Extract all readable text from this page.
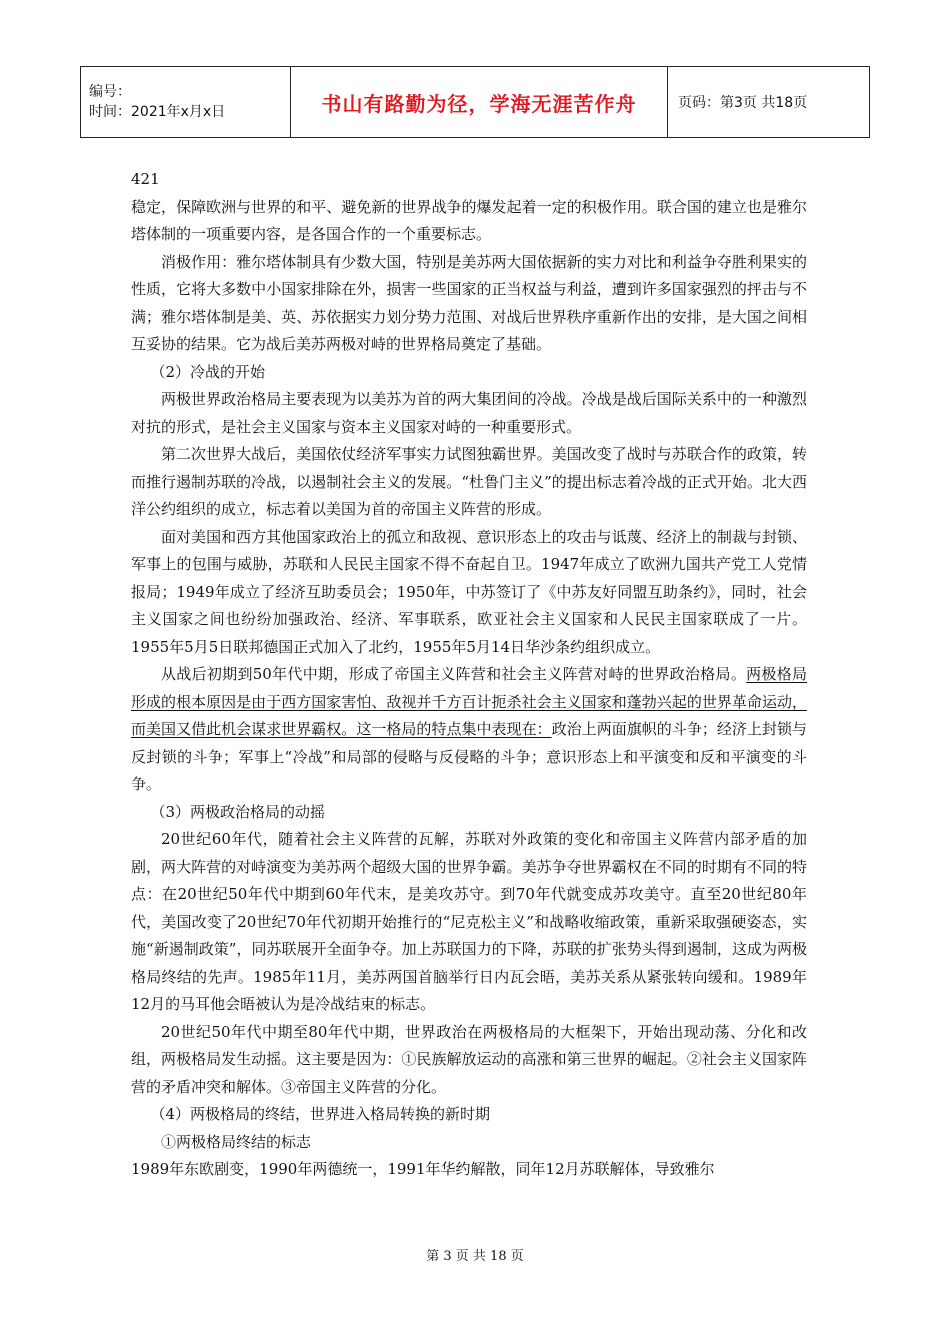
编号：
时间：2021年x月x日	书山有路勤为径，学海无涯苦作舟	页码：第3页 共18页

421

稳定，保障欧洲与世界的和平、避免新的世界战争的爆发起着一定的积极作用。联合国的建立也是雅尔塔体制的一项重要内容，是各国合作的一个重要标志。

消极作用：雅尔塔体制具有少数大国，特别是美苏两大国依据新的实力对比和利益争夺胜利果实的性质，它将大多数中小国家排除在外，损害一些国家的正当权益与利益，遭到许多国家强烈的抨击与不满；雅尔塔体制是美、英、苏依据实力划分势力范围、对战后世界秩序重新作出的安排，是大国之间相互妥协的结果。它为战后美苏两极对峙的世界格局奠定了基础。

（2）冷战的开始

两极世界政治格局主要表现为以美苏为首的两大集团间的冷战。冷战是战后国际关系中的一种激烈对抗的形式，是社会主义国家与资本主义国家对峙的一种重要形式。

第二次世界大战后，美国依仗经济军事实力试图独霸世界。美国改变了战时与苏联合作的政策，转而推行遏制苏联的冷战，以遏制社会主义的发展。“杜鲁门主义”的提出标志着冷战的正式开始。北大西洋公约组织的成立，标志着以美国为首的帝国主义阵营的形成。

面对美国和西方其他国家政治上的孤立和敌视、意识形态上的攻击与诋蔑、经济上的制裁与封锁、军事上的包围与威胁，苏联和人民民主国家不得不奋起自卫。1947年成立了欧洲九国共产党工人党情报局；1949年成立了经济互助委员会；1950年，中苏签订了《中苏友好同盟互助条约》，同时，社会主义国家之间也纷纷加强政治、经济、军事联系，欧亚社会主义国家和人民民主国家联成了一片。1955年5月5日联邦德国正式加入了北约，1955年5月14日华沙条约组织成立。

从战后初期到50年代中期，形成了帝国主义阵营和社会主义阵营对峙的世界政治格局。两极格局形成的根本原因是由于西方国家害怕、敌视并千方百计扼杀社会主义国家和蓬勃兴起的世界革命运动，而美国又借此机会谋求世界霸权。这一格局的特点集中表现在：政治上两面旗帜的斗争；经济上封锁与反封锁的斗争；军事上“冷战”和局部的侵略与反侵略的斗争；意识形态上和平演变和反和平演变的斗争。

（3）两极政治格局的动摇

20世纪60年代，随着社会主义阵营的瓦解，苏联对外政策的变化和帝国主义阵营内部矛盾的加剧，两大阵营的对峙演变为美苏两个超级大国的世界争霸。美苏争夺世界霸权在不同的时期有不同的特点：在20世纪50年代中期到60年代末，是美攻苏守。到70年代就变成苏攻美守。直至20世纪80年代，美国改变了20世纪70年代初期开始推行的“尼克松主义”和战略收缩政策，重新采取强硬姿态，实施“新遏制政策”，同苏联展开全面争夺。加上苏联国力的下降，苏联的扩张势头得到遏制，这成为两极格局终结的先声。1985年11月，美苏两国首脑举行日内瓦会晤，美苏关系从紧张转向缓和。1989年12月的马耳他会晤被认为是冷战结束的标志。

20世纪50年代中期至80年代中期，世界政治在两极格局的大框架下，开始出现动荡、分化和改组，两极格局发生动摇。这主要是因为：①民族解放运动的高涨和第三世界的崛起。②社会主义国家阵营的矛盾冲突和解体。③帝国主义阵营的分化。

（4）两极格局的终结，世界进入格局转换的新时期

①两极格局终结的标志

1989年东欧剧变，1990年两德统一，1991年华约解散，同年12月苏联解体，导致雅尔

第 3 页 共 18 页
